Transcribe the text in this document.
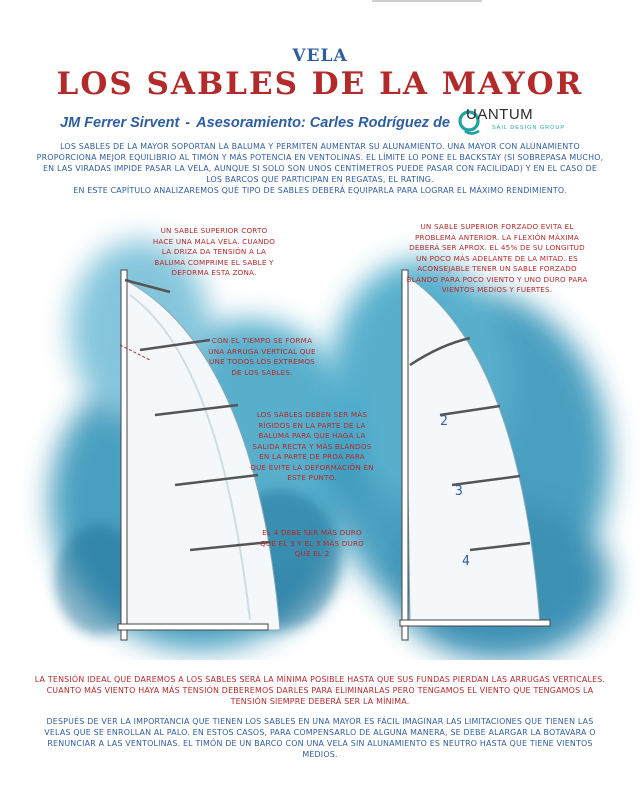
VELA
LOS SABLES DE LA MAYOR
JM Ferrer Sirvent - Asesoramiento: Carles Rodríguez de	UANTUM
SAIL DESIGN GROUP
LOS SABLES DE LA MAYOR SOPORTAN LA BALUMA Y PERMITEN AUMENTAR SU ALUNAMIENTO. UNA MAYOR CON ALUNAMIENTO PROPORCIONA MEJOR EQUILIBRIO AL TIMÓN Y MÁS POTENCIA EN VENTOLINAS. EL LÍMITE LO PONE EL BACKSTAY (SI SOBREPASA MUCHO, EN LAS VIRADAS IMPIDE PASAR LA VELA, AUNQUE SI SOLO SON UNOS CENTÍMETROS PUEDE PASAR CON FACILIDAD) Y EN EL CASO DE LOS BARCOS QUE PARTICIPAN EN REGATAS, EL RATING.
EN ESTE CAPÍTULO ANALIZAREMOS QUÉ TIPO DE SABLES DEBERÁ EQUIPARLA PARA LOGRAR EL MÁXIMO RENDIMIENTO.
2
3
4
UN SABLE SUPERIOR CORTO HACE UNA MALA VELA. CUANDO LA DRIZA DA TENSIÓN A LA BALUMA COMPRIME EL SABLE Y DEFORMA ESTA ZONA.
CON EL TIEMPO SE FORMA UNA ARRUGA VERTICAL QUE UNE TODOS LOS EXTREMOS DE LOS SABLES.
LOS SABLES DEBEN SER MÁS RÍGIDOS EN LA PARTE DE LA BALUMA PARA QUE HAGA LA SALIDA RECTA Y MÁS BLANDOS EN LA PARTE DE PROA PARA QUE EVITE LA DEFORMACIÓN EN ESTE PUNTO.
EL 4 DEBE SER MÁS DURO QUE EL 3 Y EL 3 MÁS DURO QUE EL 2
UN SABLE SUPERIOR FORZADO EVITA EL PROBLEMA ANTERIOR. LA FLEXIÓN MÁXIMA DEBERÁ SER APROX. EL 45% DE SU LONGITUD UN POCO MÁS ADELANTE DE LA MITAD. ES ACONSEJABLE TENER UN SABLE FORZADO BLANDO PARA POCO VIENTO Y UNO DURO PARA VIENTOS MEDIOS Y FUERTES.
LA TENSIÓN IDEAL QUE DAREMOS A LOS SABLES SERÁ LA MÍNIMA POSIBLE HASTA QUE SUS FUNDAS PIERDAN LAS ARRUGAS VERTICALES. CUANTO MÁS VIENTO HAYA MÁS TENSIÓN DEBEREMOS DARLES PARA ELIMINARLAS PERO TENGAMOS EL VIENTO QUE TENGAMOS LA TENSIÓN SIEMPRE DEBERÁ SER LA MÍNIMA.
DESPUÉS DE VER LA IMPORTANCIA QUE TIENEN LOS SABLES EN UNA MAYOR ES FÁCIL IMAGINAR LAS LIMITACIONES QUE TIENEN LAS VELAS QUE SE ENROLLAN AL PALO. EN ESTOS CASOS, PARA COMPENSARLO DE ALGUNA MANERA, SE DEBE ALARGAR LA BOTAVARA O RENUNCIAR A LAS VENTOLINAS. EL TIMÓN DE UN BARCO CON UNA VELA SIN ALUNAMIENTO ES NEUTRO HASTA QUE TIENE VIENTOS MEDIOS.
